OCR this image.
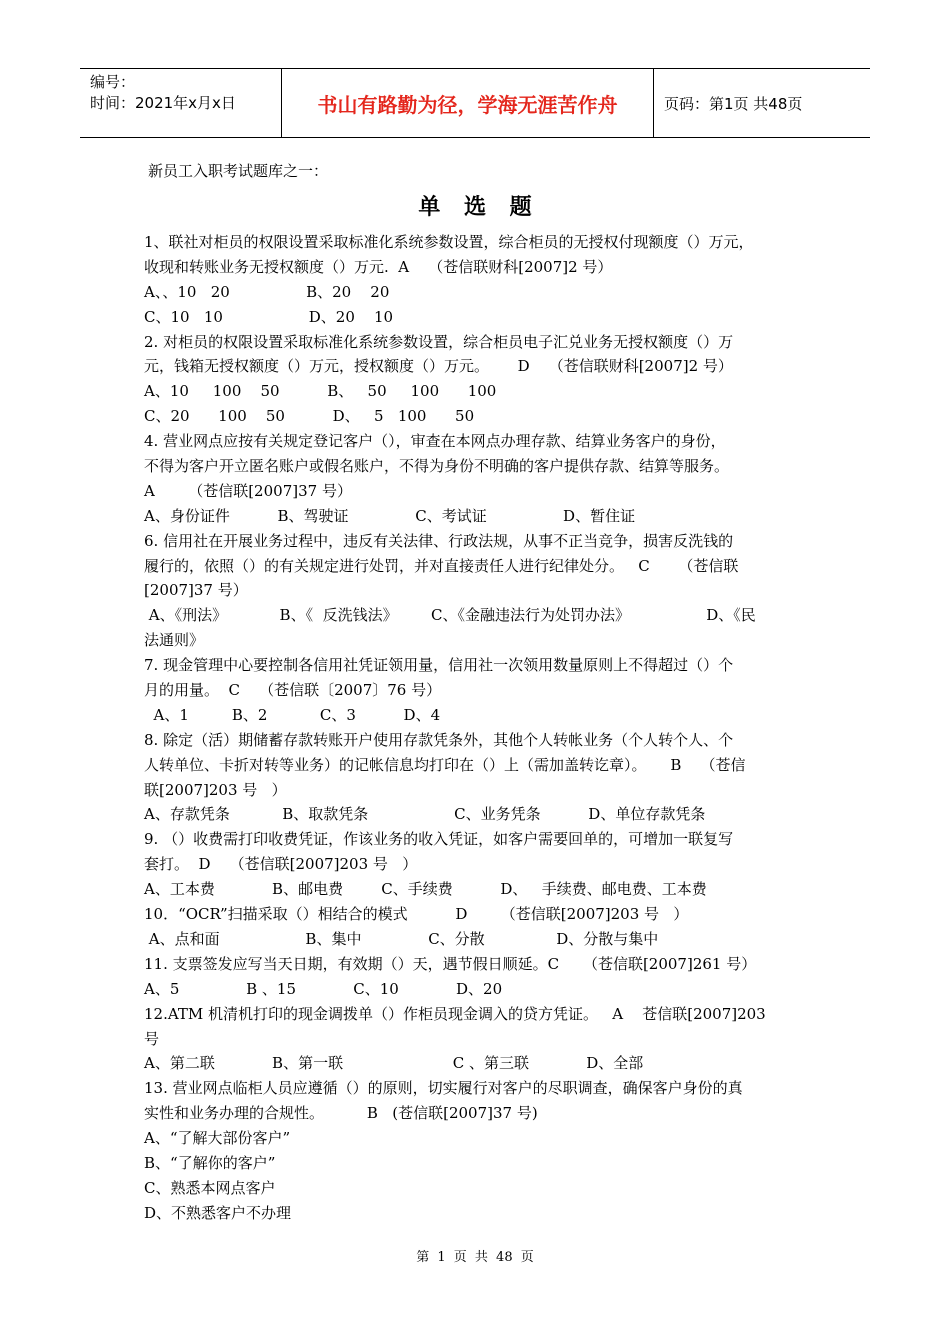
编号：
时间：2021年x月x日	书山有路勤为径，学海无涯苦作舟	页码：第1页 共48页
新员工入职考试题库之一：
单 选 题
1、联社对柜员的权限设置采取标准化系统参数设置，综合柜员的无授权付现额度（）万元，
收现和转账业务无授权额度（）万元.  A    （苍信联财科[2007]2 号）
A、、10   20                B、20    20
C、10   10                  D、20    10
2. 对柜员的权限设置采取标准化系统参数设置，综合柜员电子汇兑业务无授权额度（）万
元，钱箱无授权额度（）万元，授权额度（）万元。      D    （苍信联财科[2007]2 号）
A、10     100    50          B、   50     100      100
C、20      100    50          D、   5   100      50
4. 营业网点应按有关规定登记客户（），审查在本网点办理存款、结算业务客户的身份，
不得为客户开立匿名账户或假名账户，不得为身份不明确的客户提供存款、结算等服务。
A       （苍信联[2007]37 号）
A、身份证件          B、驾驶证              C、考试证                D、暂住证
6. 信用社在开展业务过程中，违反有关法律、行政法规，从事不正当竞争，损害反洗钱的
履行的，依照（）的有关规定进行处罚，并对直接责任人进行纪律处分。   C      （苍信联
[2007]37 号）
A、《刑法》           B、《  反洗钱法》       C、《金融违法行为处罚办法》                D、《民
法通则》
7. 现金管理中心要控制各信用社凭证领用量，信用社一次领用数量原则上不得超过（）个
月的用量。  C    （苍信联〔2007〕76 号）
A、1         B、2           C、3          D、4
8. 除定（活）期储蓄存款转账开户使用存款凭条外，其他个人转帐业务（个人转个人、个
人转单位、卡折对转等业务）的记帐信息均打印在（）上（需加盖转讫章）。     B    （苍信
联[2007]203 号   ）
A、存款凭条           B、取款凭条                  C、业务凭条          D、单位存款凭条
9. （）收费需打印收费凭证，作该业务的收入凭证，如客户需要回单的，可增加一联复写
套打。  D    （苍信联[2007]203 号   ）
A、工本费            B、邮电费        C、手续费          D、   手续费、邮电费、工本费
10．“OCR”扫描采取（）相结合的模式          D       （苍信联[2007]203 号   ）
A、点和面                  B、集中              C、分散               D、分散与集中
11. 支票签发应写当天日期，有效期（）天，遇节假日顺延。C     （苍信联[2007]261 号）
A、5              B 、15            C、10            D、20
12.ATM 机清机打印的现金调拨单（）作柜员现金调入的贷方凭证。   A    苍信联[2007]203
号
A、第二联            B、第一联                       C 、第三联            D、全部
13. 营业网点临柜人员应遵循（）的原则，切实履行对客户的尽职调查，确保客户身份的真
实性和业务办理的合规性。         B   (苍信联[2007]37 号)
A、“了解大部份客户”
B、“了解你的客户”
C、熟悉本网点客户
D、不熟悉客户不办理
第 1 页 共 48 页
